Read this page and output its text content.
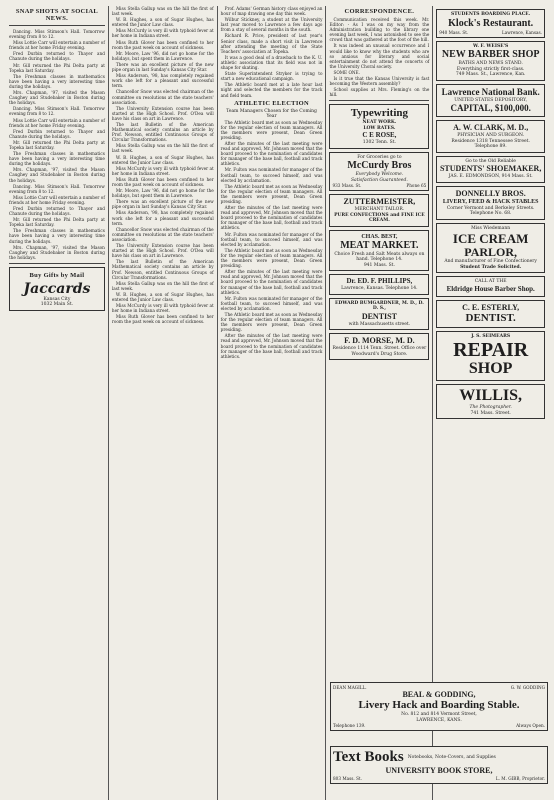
SNAP SHOTS AT SOCIAL NEWS.

Dancing. Miss Stimson's Hall. Tomorrow evening from 8 to 12.

Miss Lottie Carr will entertain a number of friends at her home Friday evening.

Fred Durbin returned to Thayer and Chanute during the holidays.

Mr. Gill returned the Phi Delta party at Topeka last Saturday.

The Freshman classes in mathematics have been having a very interesting time during the holidays.

Mrs. Chapman, '97, visited the Mason Caughey and Studebaker in Boston during the holidays.

Dancing. Miss Stimson's Hall. Tomorrow evening from 8 to 12.

Miss Lottie Carr will entertain a number of friends at her home Friday evening.

Fred Durbin returned to Thayer and Chanute during the holidays.

Mr. Gill returned the Phi Delta party at Topeka last Saturday.

The Freshman classes in mathematics have been having a very interesting time during the holidays.

Mrs. Chapman, '97, visited the Mason Caughey and Studebaker in Boston during the holidays.

Dancing. Miss Stimson's Hall. Tomorrow evening from 8 to 12.

Miss Lottie Carr will entertain a number of friends at her home Friday evening.

Fred Durbin returned to Thayer and Chanute during the holidays.

Mr. Gill returned the Phi Delta party at Topeka last Saturday.

The Freshman classes in mathematics have been having a very interesting time during the holidays.

Mrs. Chapman, '97, visited the Mason Caughey and Studebaker in Boston during the holidays.

Buy Gifts by Mail
Jaccards
Kansas City
1032 Main St.

Miss Stella Gallup was on the hill the first of last week.

W. B. Hughes, a son of Sugar Hughes, has entered the Junior Law class.

Miss McCurdy is very ill with typhoid fever at her home in Indiana street.

Miss Ruth Glover has been confined to her room the past week on account of sickness.

Mr. Moore, Law '96, did not go home for the holidays, but spent them in Lawrence.

There was an excellent picture of the new pipe organ in last Sunday's Kansas City Star.

Miss Anderson, '98, has completely regained work she left for a pleasant and successful term.

Chancellor Snow was elected chairman of the committee on resolutions at the state teachers' association.

The University Extension course has been started at the High School. Prof. O'Dea will have his class on art in Lawrence.

The last Bulletin of the American Mathematical society contains an article by Prof. Newson, entitled Continuous Groups of Circular Transformations.

Miss Stella Gallup was on the hill the first of last week.

W. B. Hughes, a son of Sugar Hughes, has entered the Junior Law class.

Miss McCurdy is very ill with typhoid fever at her home in Indiana street.

Miss Ruth Glover has been confined to her room the past week on account of sickness.

Mr. Moore, Law '96, did not go home for the holidays, but spent them in Lawrence.

There was an excellent picture of the new pipe organ in last Sunday's Kansas City Star.

Miss Anderson, '98, has completely regained work she left for a pleasant and successful term.

Chancellor Snow was elected chairman of the committee on resolutions at the state teachers' association.

The University Extension course has been started at the High School. Prof. O'Dea will have his class on art in Lawrence.

The last Bulletin of the American Mathematical society contains an article by Prof. Newson, entitled Continuous Groups of Circular Transformations.

Miss Stella Gallup was on the hill the first of last week.

W. B. Hughes, a son of Sugar Hughes, has entered the Junior Law class.

Miss McCurdy is very ill with typhoid fever at her home in Indiana street.

Miss Ruth Glover has been confined to her room the past week on account of sickness.

Prof. Adams' German history class enjoyed an hour of map drawing one day this week.

Wilbur Stickney, a student at the University last year moved to Lawrence a few days ago from a stay of several months in the south.

Richard R. Price, president of last year's Senior class, made a short visit in Lawrence after attending the meeting of the State Teachers' association at Topeka.

It was a good deal of a drawback to the K. U. athletic association that its field was not in shape for skating.

State Superintendent Stryker is trying to start a new educational campaign.

The Athletic board met at a late hour last night and selected the members for the track and field team.

ATHLETIC ELECTION
Team Managers Chosen for the Coming Year

The Athletic board met as soon as Wednesday for the regular election of team managers. All the members were present, Dean Green presiding.

After the minutes of the last meeting were read and approved, Mr. Johnson moved that the board proceed to the nomination of candidates for manager of the base ball, football and track athletics.

Mr. Fulton was nominated for manager of the football team, to succeed himself, and was elected by acclamation.

The Athletic board met as soon as Wednesday for the regular election of team managers. All the members were present, Dean Green presiding.

After the minutes of the last meeting were read and approved, Mr. Johnson moved that the board proceed to the nomination of candidates for manager of the base ball, football and track athletics.

Mr. Fulton was nominated for manager of the football team, to succeed himself, and was elected by acclamation.

The Athletic board met as soon as Wednesday for the regular election of team managers. All the members were present, Dean Green presiding.

After the minutes of the last meeting were read and approved, Mr. Johnson moved that the board proceed to the nomination of candidates for manager of the base ball, football and track athletics.

Mr. Fulton was nominated for manager of the football team, to succeed himself, and was elected by acclamation.

The Athletic board met as soon as Wednesday for the regular election of team managers. All the members were present, Dean Green presiding.

After the minutes of the last meeting were read and approved, Mr. Johnson moved that the board proceed to the nomination of candidates for manager of the base ball, football and track athletics.

CORRESPONDENCE.

Communication received this week. Mr. Editor: - As I was on my way from the Administration building to the library one evening last week, I was astonished to see the crowd that was gathered at the foot of the hill.

It was indeed an unusual occurrence and I would like to know why the students who are so anxious for literary and social entertainment do not attend the concerts of the University Choral society.

SOME ONE.

Is it true that the Kansas University is fast becoming the Western assembly?

School supplies at Mrs. Fleming's on the hill.

Typewriting
NEAT WORK.
LOW RATES.
C E ROSE,
1302 Tenn. St.
For Groceries go to
McCurdy Bros
Everybody Welcome.
Satisfaction Guaranteed.
933 Mass. St.	Phone 65
ZUTTERMEISTER,
MERCHANT TAILOR.
PURE CONFECTIONS and FINE ICE CREAM.
CHAS. BEST,
MEAT MARKET.
Choice Fresh and Salt Meats always on hand. Telephone 14.
941 Mass. St.
Dr. ED. F. PHILLIPS,
Lawrence, Kansas. Telephone 14.
EDWARD BUMGARDNER, M. D., D. D. S.,
DENTIST
with Massachusetts street.
F. D. MORSE, M. D.
Residence 1114 Tenn. Street. Office over Woodward's Drug Store.
STUDENTS BOARDING PLACE.
Klock's Restaurant.
940 Mass. St.	Lawrence, Kansas.
W. F. WEISE'S
NEW BARBER SHOP
BATHS AND NEWS STAND.
Everything strictly first-class.
749 Mass. St., Lawrence, Kan.
Lawrence National Bank.
UNITED STATES DEPOSITORY,
CAPITAL, $100,000.
A. W. CLARK, M. D.,
PHYSICIAN AND SURGEON.
Residence 1318 Tennessee Street.
Telephone 89.
Go to the Old Reliable
STUDENTS' SHOEMAKER,
JAS. E. EDMONDSON, 914 Mass. St.
DONNELLY BROS.
LIVERY, FEED & HACK STABLES
Corner Vermont and Berkeley Streets.
Telephone No. 68.
Miss Wiedemann
ICE CREAM
PARLOR,
And manufacturer of Fine Confectionery
Student Trade Solicited.
CALL AT THE
Eldridge House Barber Shop.
C. E. ESTERLY,
DENTIST.
J. S. SEIMEARS
REPAIR
SHOP
WILLIS,
The Photographer.
741 Mass. Street.
DEAN MAGILL.	G. W. GODDING
BEAL & GODDING,
Livery Hack and Boarding Stable.
No. 812 and 814 Vermont Street,
LAWRENCE, KANS.
Telephone 139.	Always Open.
Text Books Notebooks, Note-Covers, and Supplies
UNIVERSITY BOOK STORE,
803 Mass. St.	L. M. GIBB, Proprietor.
